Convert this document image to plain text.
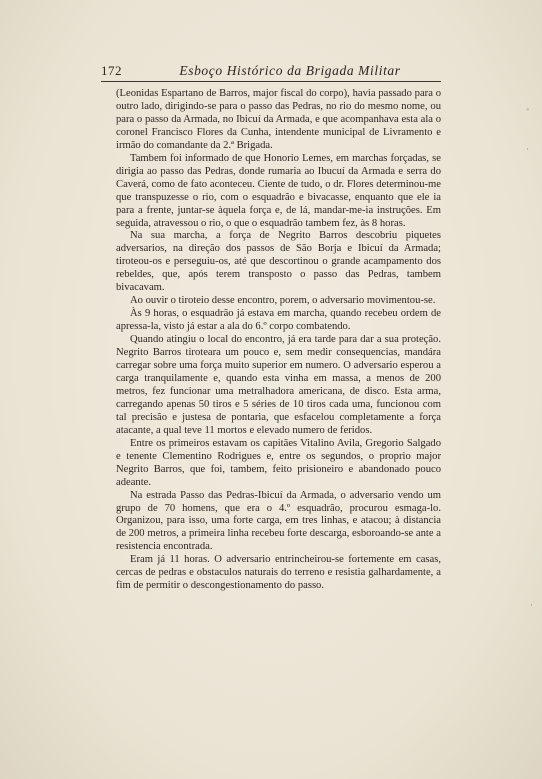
172	Esboço Histórico da Brigada Militar

(Leonidas Espartano de Barros, major fiscal do corpo), havia passado para o outro lado, dirigindo-se para o passo das Pedras, no rio do mesmo nome, ou para o passo da Armada, no Ibicuí da Armada, e que acompanhava esta ala o coronel Francisco Flores da Cunha, intendente municipal de Livramento e irmão do comandante da 2.ª Brigada.

Tambem foi informado de que Honorio Lemes, em marchas forçadas, se dirigia ao passo das Pedras, donde rumaria ao Ibucuí da Armada e serra do Caverá, como de fato aconteceu. Ciente de tudo, o dr. Flores determinou-me que transpuzesse o rio, com o esquadrão e bivacasse, enquanto que ele ia para a frente, juntar-se àquela força e, de lá, mandar-me-ia instruções. Em seguida, atravessou o rio, o que o esquadrão tambem fez, às 8 horas.

Na sua marcha, a força de Negrito Barros descobriu piquetes adversarios, na direção dos passos de São Borja e Ibicuí da Armada; tiroteou-os e perseguiu-os, até que descortinou o grande acampamento dos rebeldes, que, após terem transposto o passo das Pedras, tambem bivacavam.

Ao ouvir o tiroteio desse encontro, porem, o adversario movimentou-se.

Às 9 horas, o esquadrão já estava em marcha, quando recebeu ordem de apressa-la, visto já estar a ala do 6.º corpo combatendo.

Quando atingiu o local do encontro, já era tarde para dar a sua proteção. Negrito Barros tiroteara um pouco e, sem medir consequencias, mandára carregar sobre uma força muito superior em numero. O adversario esperou a carga tranquilamente e, quando esta vinha em massa, a menos de 200 metros, fez funcionar uma metralhadora americana, de disco. Esta arma, carregando apenas 50 tiros e 5 séries de 10 tiros cada uma, funcionou com tal precisão e justesa de pontaria, que esfacelou completamente a força atacante, a qual teve 11 mortos e elevado numero de feridos.

Entre os primeiros estavam os capitães Vitalino Avila, Gregorio Salgado e tenente Clementino Rodrigues e, entre os segundos, o proprio major Negrito Barros, que foi, tambem, feito prisioneiro e abandonado pouco adeante.

Na estrada Passo das Pedras-Ibicuí da Armada, o adversario vendo um grupo de 70 homens, que era o 4.º esquadrão, procurou esmaga-lo. Organizou, para isso, uma forte carga, em tres linhas, e atacou; à distancia de 200 metros, a primeira linha recebeu forte descarga, esboroando-se ante a resistencia encontrada.

Eram já 11 horas. O adversario entrincheirou-se fortemente em casas, cercas de pedras e obstaculos naturais do terreno e resistia galhardamente, a fim de permitir o descongestionamento do passo.

◦
·
·
